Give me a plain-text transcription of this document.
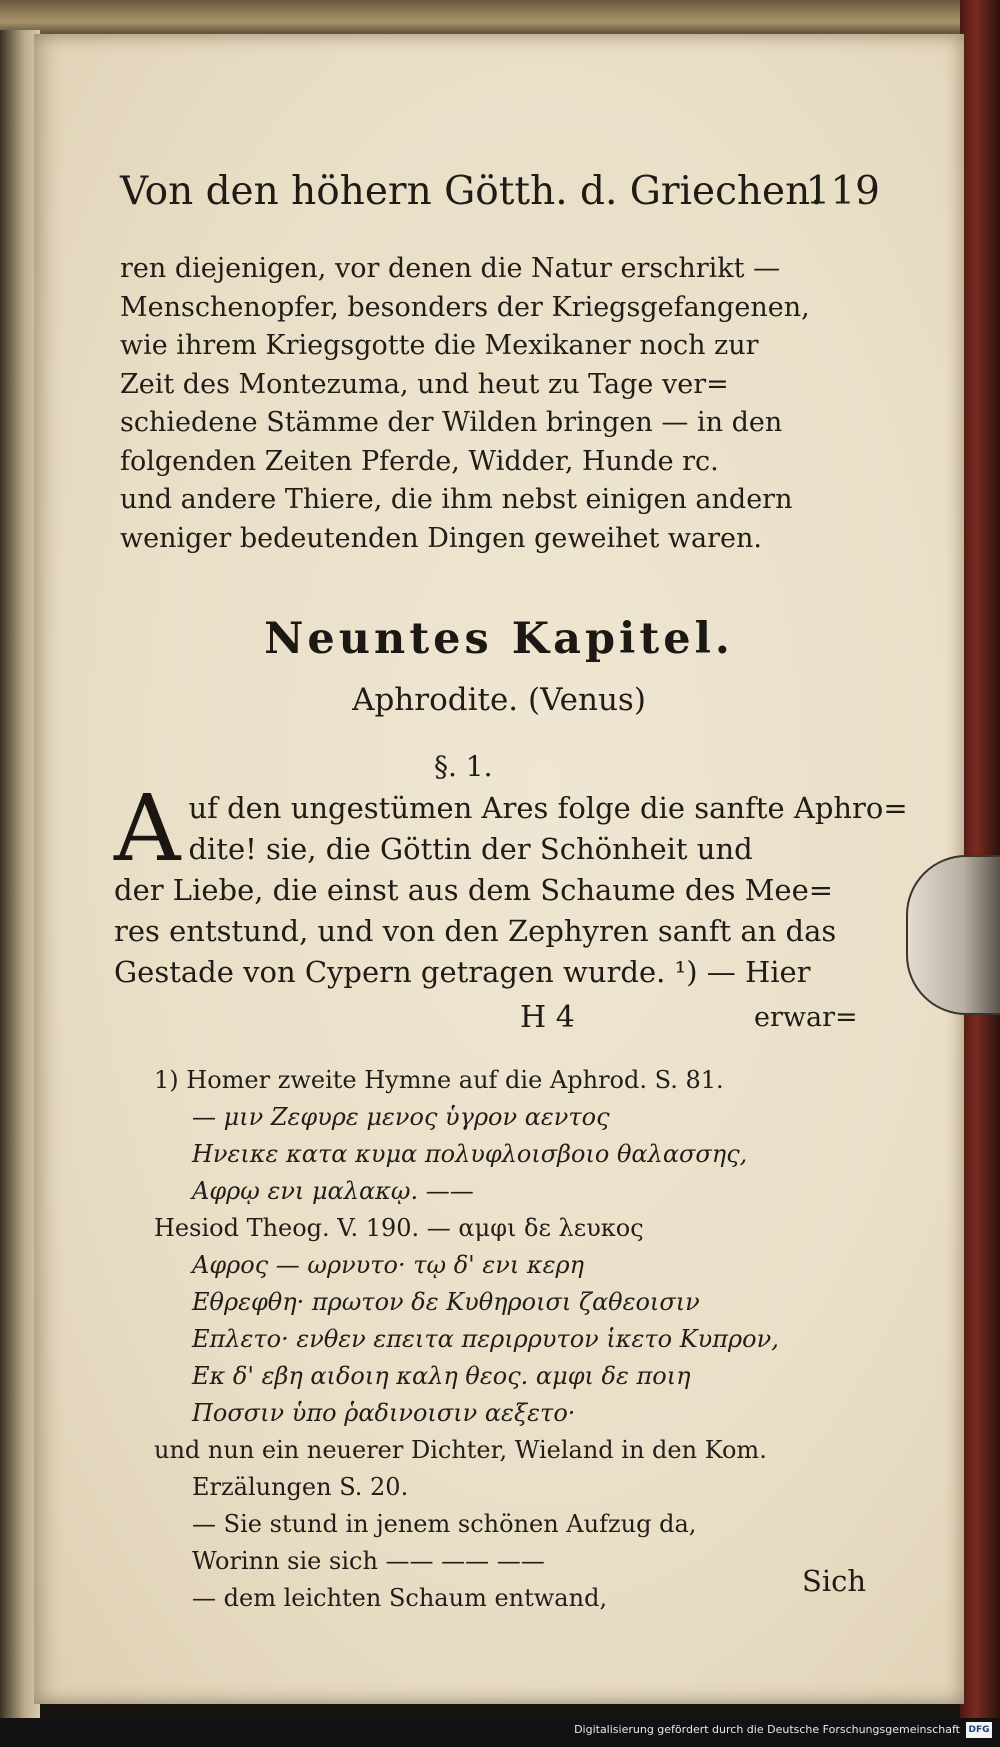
Von den höhern Götth. d. Griechen.
119
ren diejenigen, vor denen die Natur erschrikt —
Menschenopfer, besonders der Kriegsgefangenen,
wie ihrem Kriegsgotte die Mexikaner noch zur
Zeit des Montezuma, und heut zu Tage ver=
schiedene Stämme der Wilden bringen — in den
folgenden Zeiten Pferde, Widder, Hunde rc.
und andere Thiere, die ihm nebst einigen andern
weniger bedeutenden Dingen geweihet waren.
Neuntes Kapitel.
Aphrodite. (Venus)
§. 1.
A uf den ungestümen Ares folge die sanfte Aphro=
dite! sie, die Göttin der Schönheit und
der Liebe, die einst aus dem Schaume des Mee=
res entstund, und von den Zephyren sanft an das
Gestade von Cypern getragen wurde. ¹) — Hier
H 4	erwar=
1) Homer zweite Hymne auf die Aphrod. S. 81.
— μιν Ζεφυρε μενος ὑγρον αεντος
Ηνεικε κατα κυμα πολυφλοισβοιο θαλασσης,
Αφρῳ ενι μαλακῳ. ——
Hesiod Theog. V. 190. — αμφι δε λευκος
Αφρος — ωρνυτο· τῳ δ' ενι κερη
Εθρεφθη· πρωτον δε Κυθηροισι ζαθεοισιν
Επλετο· ενθεν επειτα περιρρυτον ἱκετο Κυπρον,
Εκ δ' εβη αιδοιη καλη θεος. αμφι δε ποιη
Ποσσιν ὑπο ῥαδινοισιν αεξετο·
und nun ein neuerer Dichter, Wieland in den Kom.
Erzälungen S. 20.
— Sie stund in jenem schönen Aufzug da,
Worinn sie sich —— —— ——
— dem leichten Schaum entwand,	Sich
Digitalisierung gefördert durch die Deutsche Forschungsgemeinschaft DFG
